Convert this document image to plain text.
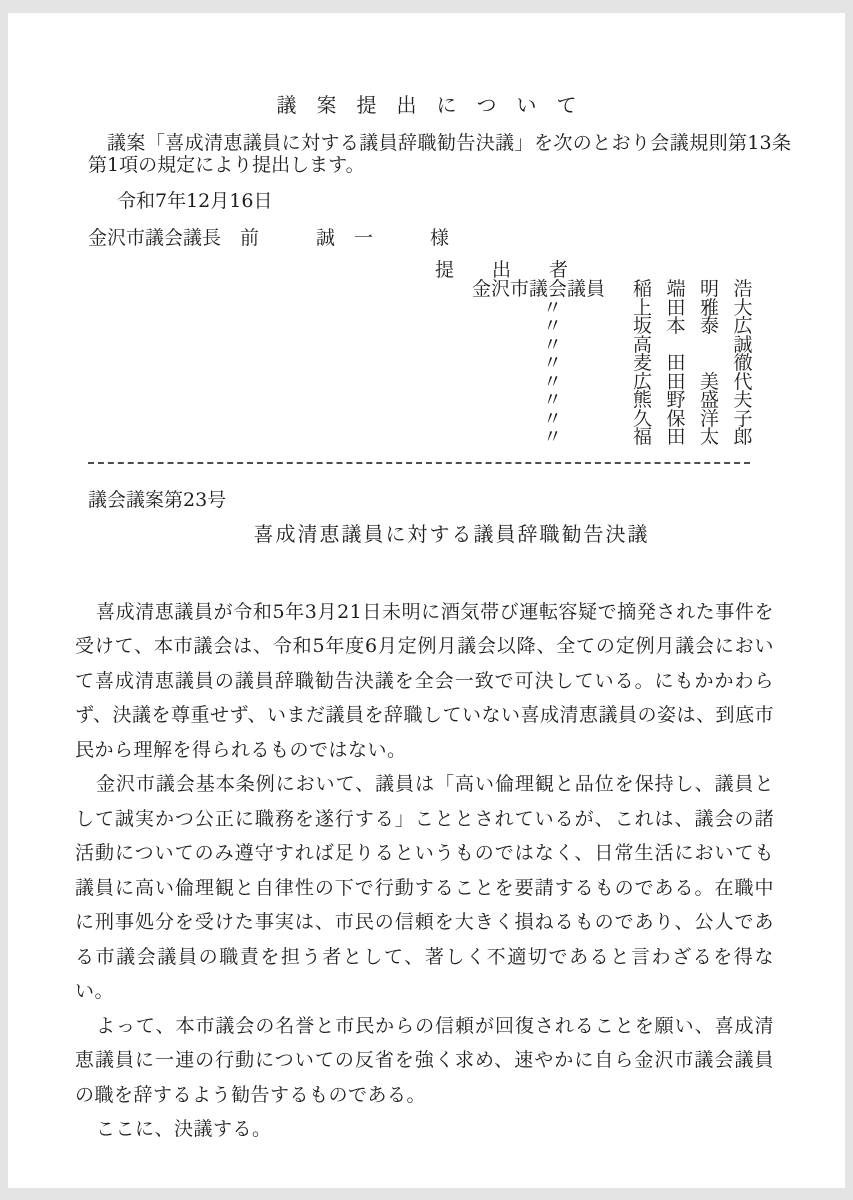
議　案　提　出　に　つ　い　て
議案「喜成清恵議員に対する議員辞職勧告決議」を次のとおり会議規則第13条第1項の規定により提出します。
令和7年12月16日
金沢市議会議長　前　　　誠　一　　　様
提　　出　　者
金沢市議会議員	稲 端 明 浩
〃	上 田 雅 大
〃	坂 本 泰 広
〃	高	誠
〃	麦 田	徹
〃	広 田 美 代
〃	熊 野 盛 夫
〃	久 保 洋 子
〃	福 田 太 郎
議会議案第23号
喜成清恵議員に対する議員辞職勧告決議

喜成清恵議員が令和5年3月21日未明に酒気帯び運転容疑で摘発された事件を受けて、本市議会は、令和5年度6月定例月議会以降、全ての定例月議会において喜成清恵議員の議員辞職勧告決議を全会一致で可決している。にもかかわらず、決議を尊重せず、いまだ議員を辞職していない喜成清恵議員の姿は、到底市民から理解を得られるものではない。

金沢市議会基本条例において、議員は「高い倫理観と品位を保持し、議員として誠実かつ公正に職務を遂行する」こととされているが、これは、議会の諸活動についてのみ遵守すれば足りるというものではなく、日常生活においても議員に高い倫理観と自律性の下で行動することを要請するものである。在職中に刑事処分を受けた事実は、市民の信頼を大きく損ねるものであり、公人である市議会議員の職責を担う者として、著しく不適切であると言わざるを得ない。

よって、本市議会の名誉と市民からの信頼が回復されることを願い、喜成清恵議員に一連の行動についての反省を強く求め、速やかに自ら金沢市議会議員の職を辞するよう勧告するものである。

ここに、決議する。
